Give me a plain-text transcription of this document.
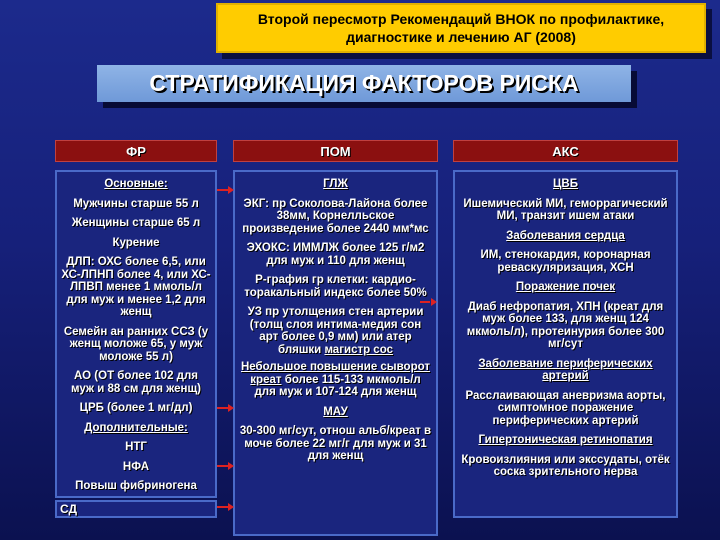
Второй пересмотр Рекомендаций ВНОК по профилактике, диагностике и лечению АГ (2008)
СТРАТИФИКАЦИЯ ФАКТОРОВ РИСКА
ФР	ПОМ	АКС
Основные:
Мужчины старше 55 л
Женщины старше 65 л
Курение
ДЛП: ОХС более 6,5, или ХС-ЛПНП более 4, или ХС-ЛПВП менее 1 ммоль/л для муж и менее 1,2 для женщ
Семейн ан ранних ССЗ (у женщ моложе 65, у муж моложе 55 л)
АО (ОТ более 102 для муж и 88 см для женщ)
ЦРБ (более 1 мг/дл)
Дополнительные:
НТГ
НФА
Повыш фибриногена
СД
ГЛЖ
ЭКГ: пр Соколова-Лайона более 38мм, Корнелльское произведение более 2440 мм*мс
ЭХОКС: ИММЛЖ более 125 г/м2 для муж и 110 для женщ
Р-графия гр клетки: кардио-торакальный индекс более 50%
УЗ пр утолщения стен артерии (толщ слоя интима-медия сон арт более 0,9 мм) или атер бляшки магистр сос
Небольшое повышение сыворот креат более 115-133 мкмоль/л для муж и 107-124 для женщ
МАУ
30-300 мг/сут, отнош альб/креат в моче более 22 мг/г для муж и 31 для женщ
ЦВБ
Ишемический МИ, геморрагический МИ, транзит ишем атаки
Заболевания сердца
ИМ, стенокардия, коронарная реваскуляризация, ХСН
Поражение почек
Диаб нефропатия, ХПН (креат для муж более 133, для женщ 124 мкмоль/л), протеинурия более 300 мг/сут
Заболевание периферических артерий
Расслаивающая аневризма аорты, симптомное поражение периферических артерий
Гипертоническая ретинопатия
Кровоизлияния или экссудаты, отёк соска зрительного нерва
